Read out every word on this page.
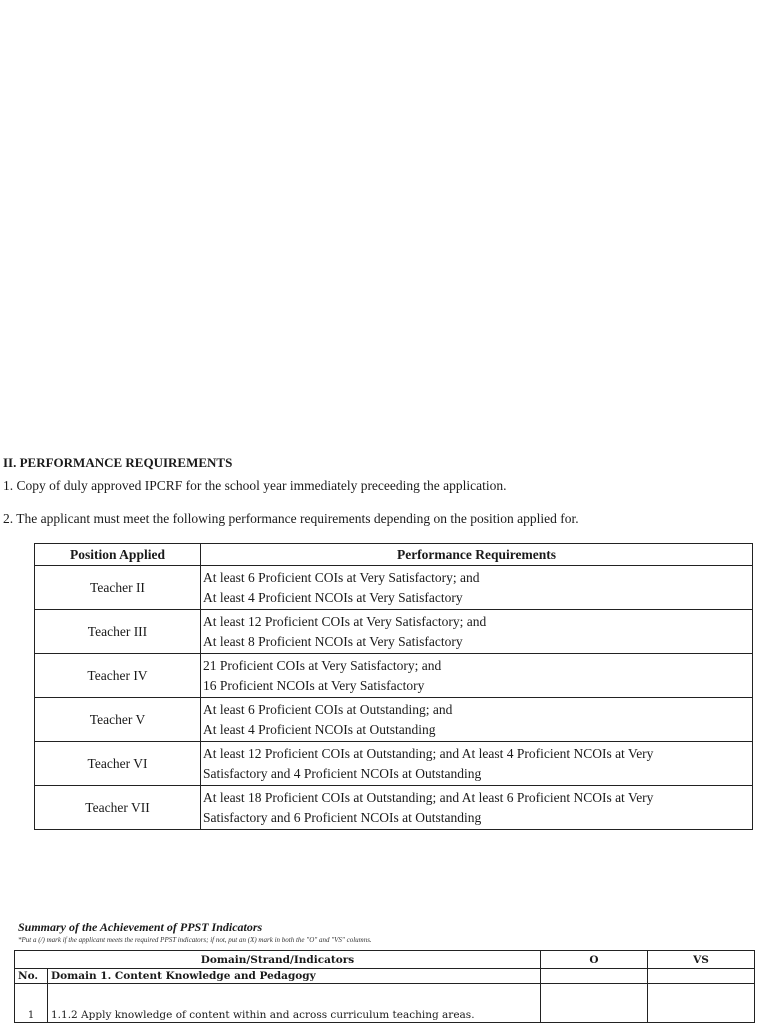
II. PERFORMANCE REQUIREMENTS
1. Copy of duly approved IPCRF for the school year immediately preceeding the application.
2. The applicant must meet the following performance requirements depending on the position applied for.
Position Applied	Performance Requirements
Teacher II	At least 6 Proficient COIs at Very Satisfactory; and
At least 4 Proficient NCOIs at Very Satisfactory

Teacher III	At least 12 Proficient COIs at Very Satisfactory; and
At least 8 Proficient NCOIs at Very Satisfactory

Teacher IV	21 Proficient COIs at Very Satisfactory; and
16 Proficient NCOIs at Very Satisfactory

Teacher V	At least 6 Proficient COIs at Outstanding; and
At least 4 Proficient NCOIs at Outstanding

Teacher VI	At least 12 Proficient COIs at Outstanding; and At least 4 Proficient NCOIs at Very
Satisfactory and 4 Proficient NCOIs at Outstanding

Teacher VII	At least 18 Proficient COIs at Outstanding; and At least 6 Proficient NCOIs at Very
Satisfactory and 6 Proficient NCOIs at Outstanding
Summary of the Achievement of PPST Indicators
*Put a (/) mark if the applicant meets the required PPST indicators; if not, put an (X) mark in both the "O" and "VS" columns.
Domain/Strand/Indicators		O	VS
No.	Domain 1. Content Knowledge and Pedagogy		
1	1.1.2 Apply knowledge of content within and across curriculum teaching areas.		
